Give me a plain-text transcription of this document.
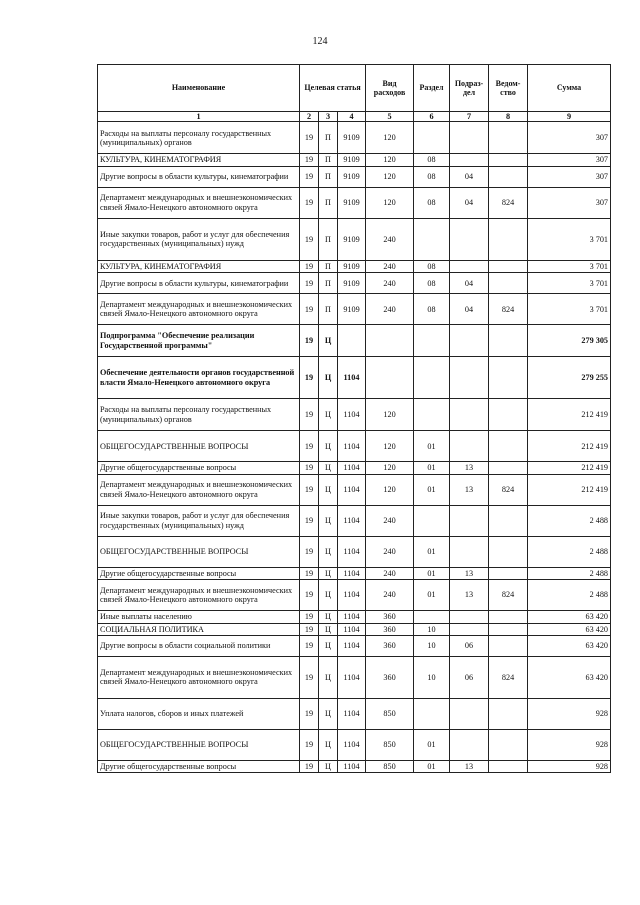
124
Наименование	Целевая статья			Вид расходов	Раздел	Подраз-дел	Ведом-ство	Сумма
1	2	3	4	5	6	7	8	9
Расходы на выплаты персоналу государственных (муниципальных) органов	19	П	9109	120				307
КУЛЬТУРА, КИНЕМАТОГРАФИЯ	19	П	9109	120	08			307
Другие вопросы в области культуры, кинематографии	19	П	9109	120	08	04		307
Департамент международных и внешнеэкономических связей Ямало-Ненецкого автономного округа	19	П	9109	120	08	04	824	307
Иные закупки товаров, работ и услуг для обеспечения государственных (муниципальных) нужд	19	П	9109	240				3 701
КУЛЬТУРА, КИНЕМАТОГРАФИЯ	19	П	9109	240	08			3 701
Другие вопросы в области культуры, кинематографии	19	П	9109	240	08	04		3 701
Департамент международных и внешнеэкономических связей Ямало-Ненецкого автономного округа	19	П	9109	240	08	04	824	3 701
Подпрограмма "Обеспечение реализации Государственной программы"	19	Ц						279 305
Обеспечение деятельности органов государственной власти Ямало-Ненецкого автономного округа	19	Ц	1104					279 255
Расходы на выплаты персоналу государственных (муниципальных) органов	19	Ц	1104	120				212 419
ОБЩЕГОСУДАРСТВЕННЫЕ ВОПРОСЫ	19	Ц	1104	120	01			212 419
Другие общегосударственные вопросы	19	Ц	1104	120	01	13		212 419
Департамент международных и внешнеэкономических связей Ямало-Ненецкого автономного округа	19	Ц	1104	120	01	13	824	212 419
Иные закупки товаров, работ и услуг для обеспечения государственных (муниципальных) нужд	19	Ц	1104	240				2 488
ОБЩЕГОСУДАРСТВЕННЫЕ ВОПРОСЫ	19	Ц	1104	240	01			2 488
Другие общегосударственные вопросы	19	Ц	1104	240	01	13		2 488
Департамент международных и внешнеэкономических связей Ямало-Ненецкого автономного округа	19	Ц	1104	240	01	13	824	2 488
Иные выплаты населению	19	Ц	1104	360				63 420
СОЦИАЛЬНАЯ ПОЛИТИКА	19	Ц	1104	360	10			63 420
Другие вопросы в области социальной политики	19	Ц	1104	360	10	06		63 420
Департамент международных и внешнеэкономических связей Ямало-Ненецкого автономного округа	19	Ц	1104	360	10	06	824	63 420
Уплата налогов, сборов и иных платежей	19	Ц	1104	850				928
ОБЩЕГОСУДАРСТВЕННЫЕ ВОПРОСЫ	19	Ц	1104	850	01			928
Другие общегосударственные вопросы	19	Ц	1104	850	01	13		928
